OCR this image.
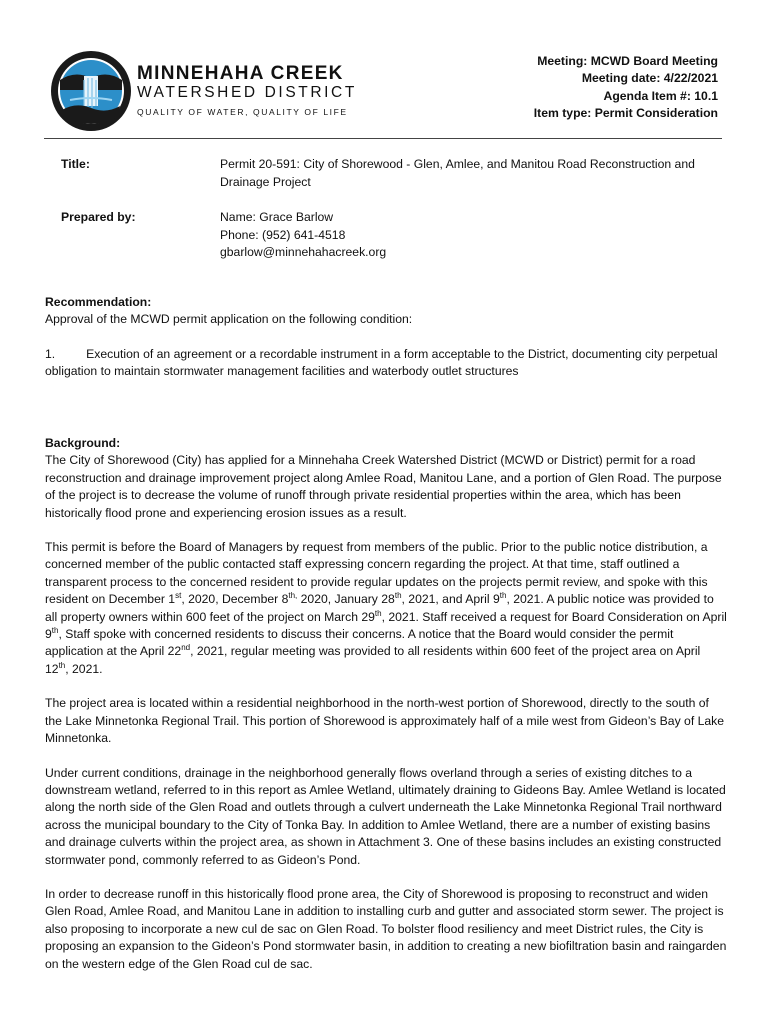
MINNEHAHA CREEK
WATERSHED DISTRICT
QUALITY OF WATER, QUALITY OF LIFE
Meeting: MCWD Board Meeting
Meeting date: 4/22/2021
Agenda Item #: 10.1
Item type: Permit Consideration
Title:	Permit 20-591: City of Shorewood - Glen, Amlee, and Manitou Road Reconstruction and
Drainage Project
Prepared by:	Name: Grace Barlow
Phone: (952) 641-4518
gbarlow@minnehahacreek.org
Recommendation:
Approval of the MCWD permit application on the following condition:

1.	Execution of an agreement or a recordable instrument in a form acceptable to the District, documenting city perpetual obligation to maintain stormwater management facilities and waterbody outlet structures

Background:

The City of Shorewood (City) has applied for a Minnehaha Creek Watershed District (MCWD or District) permit for a road reconstruction and drainage improvement project along Amlee Road, Manitou Lane, and a portion of Glen Road. The purpose of the project is to decrease the volume of runoff through private residential properties within the area, which has been historically flood prone and experiencing erosion issues as a result.

This permit is before the Board of Managers by request from members of the public. Prior to the public notice distribution, a concerned member of the public contacted staff expressing concern regarding the project. At that time, staff outlined a transparent process to the concerned resident to provide regular updates on the projects permit review, and spoke with this resident on December 1st, 2020, December $8^{th,}$ 2020, January 28th, 2021, and April 9th, 2021. A public notice was provided to all property owners within 600 feet of the project on March 29th, 2021. Staff received a request for Board Consideration on April 9th, Staff spoke with concerned residents to discuss their concerns. A notice that the Board would consider the permit application at the April 22nd, 2021, regular meeting was provided to all residents within 600 feet of the project area on April 12th, 2021.

The project area is located within a residential neighborhood in the north-west portion of Shorewood, directly to the south of the Lake Minnetonka Regional Trail. This portion of Shorewood is approximately half of a mile west from Gideon’s Bay of Lake Minnetonka.

Under current conditions, drainage in the neighborhood generally flows overland through a series of existing ditches to a downstream wetland, referred to in this report as Amlee Wetland, ultimately draining to Gideons Bay. Amlee Wetland is located along the north side of the Glen Road and outlets through a culvert underneath the Lake Minnetonka Regional Trail northward across the municipal boundary to the City of Tonka Bay. In addition to Amlee Wetland, there are a number of existing basins and drainage culverts within the project area, as shown in Attachment 3. One of these basins includes an existing constructed stormwater pond, commonly referred to as Gideon’s Pond.

In order to decrease runoff in this historically flood prone area, the City of Shorewood is proposing to reconstruct and widen Glen Road, Amlee Road, and Manitou Lane in addition to installing curb and gutter and associated storm sewer. The project is also proposing to incorporate a new cul de sac on Glen Road. To bolster flood resiliency and meet District rules, the City is proposing an expansion to the Gideon’s Pond stormwater basin, in addition to creating a new biofiltration basin and raingarden on the western edge of the Glen Road cul de sac.
